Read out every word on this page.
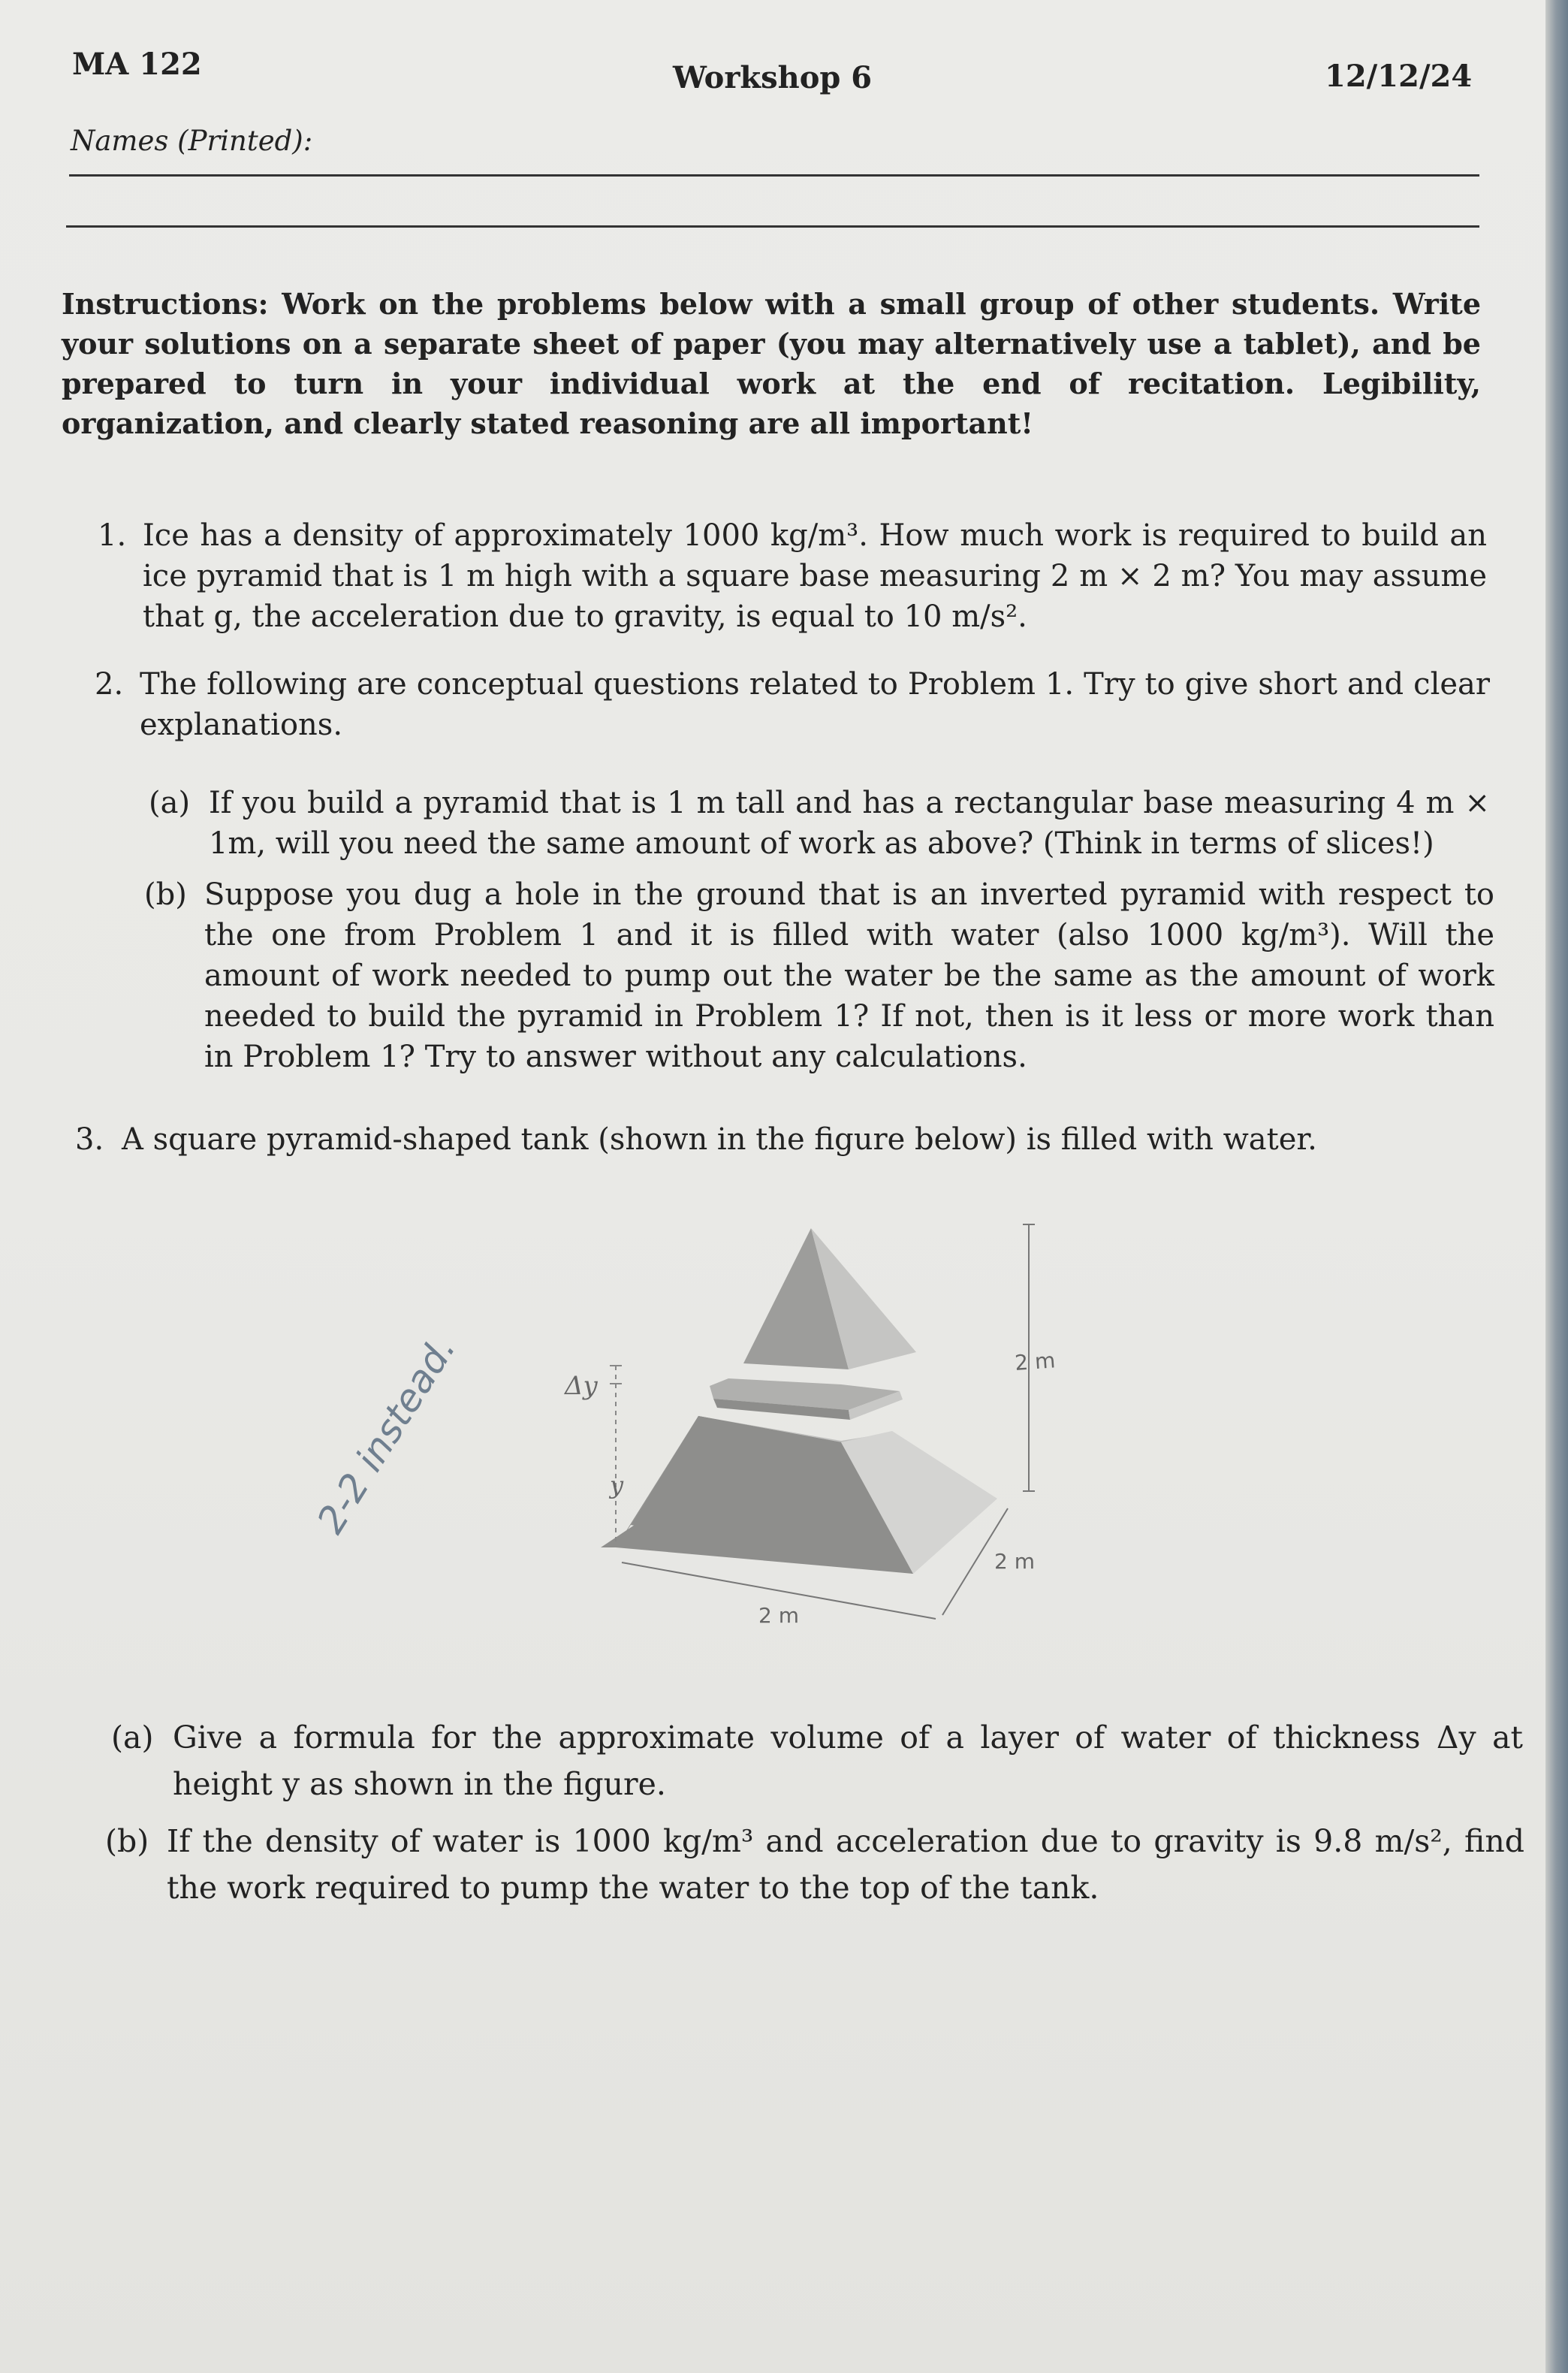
MA 122	Workshop 6	12/12/24
Names (Printed):
Instructions: Work on the problems below with a small group of other students. Write your solutions on a separate sheet of paper (you may alternatively use a tablet), and be prepared to turn in your individual work at the end of recitation. Legibility, organization, and clearly stated reasoning are all important!
1. Ice has a density of approximately 1000 kg/m³. How much work is required to build an ice pyramid that is 1 m high with a square base measuring 2 m × 2 m? You may assume that g, the acceleration due to gravity, is equal to 10 m/s².
2. The following are conceptual questions related to Problem 1. Try to give short and clear explanations.
(a) If you build a pyramid that is 1 m tall and has a rectangular base measuring 4 m × 1m, will you need the same amount of work as above? (Think in terms of slices!)
(b) Suppose you dug a hole in the ground that is an inverted pyramid with respect to the one from Problem 1 and it is filled with water (also 1000 kg/m³). Will the amount of work needed to pump out the water be the same as the amount of work needed to build the pyramid in Problem 1? If not, then is it less or more work than in Problem 1? Try to answer without any calculations.
3. A square pyramid-shaped tank (shown in the figure below) is filled with water.
2 m
2 m
2 m
Δy
y
2-2 instead.
(a) Give a formula for the approximate volume of a layer of water of thickness Δy at height y as shown in the figure.
(b) If the density of water is 1000 kg/m³ and acceleration due to gravity is 9.8 m/s², find the work required to pump the water to the top of the tank.
